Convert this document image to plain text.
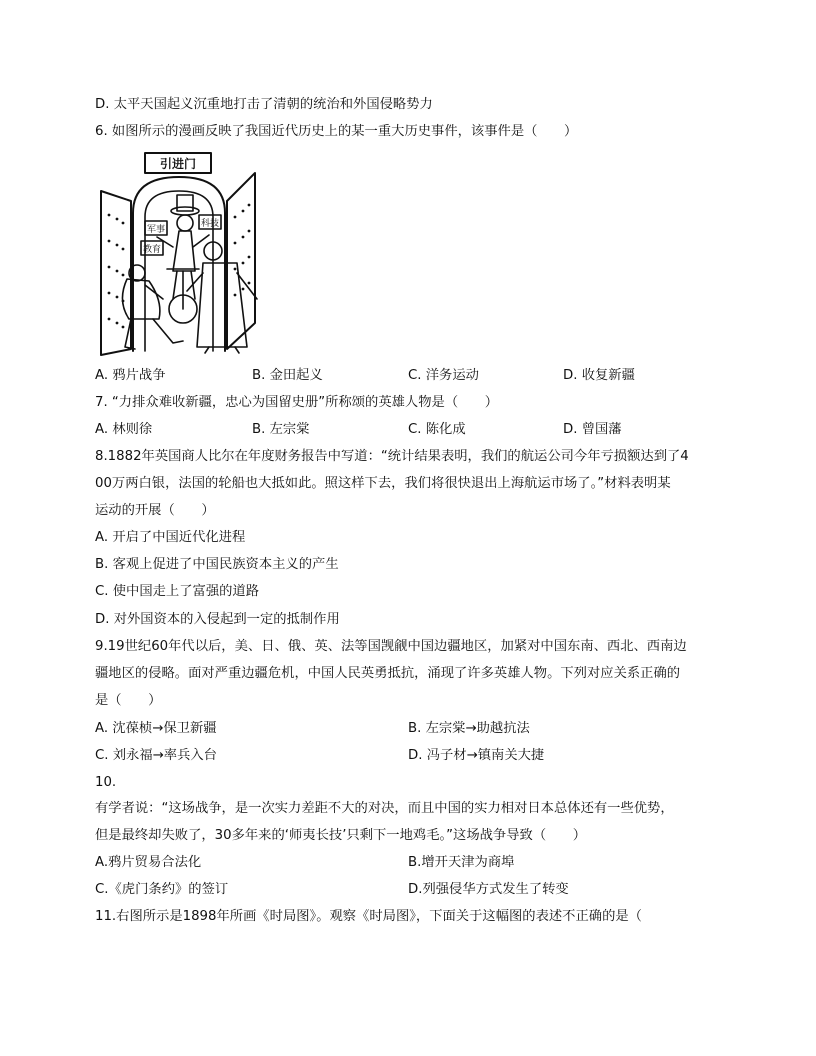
D. 太平天国起义沉重地打击了清朝的统治和外国侵略势力
6. 如图所示的漫画反映了我国近代历史上的某一重大历史事件，该事件是（　　）
引进门
军事
科技
教育
A. 鸦片战争	B. 金田起义	C. 洋务运动	D. 收复新疆
7. “力排众难收新疆，忠心为国留史册”所称颂的英雄人物是（　　）
A. 林则徐	B. 左宗棠	C. 陈化成	D. 曾国藩
8.1882年英国商人比尔在年度财务报告中写道：“统计结果表明，我们的航运公司今年亏损额达到了4
00万两白银，法国的轮船也大抵如此。照这样下去，我们将很快退出上海航运市场了。”材料表明某
运动的开展（　　）
A. 开启了中国近代化进程
B. 客观上促进了中国民族资本主义的产生
C. 使中国走上了富强的道路
D. 对外国资本的入侵起到一定的抵制作用
9.19世纪60年代以后，美、日、俄、英、法等国觊觎中国边疆地区，加紧对中国东南、西北、西南边
疆地区的侵略。面对严重边疆危机，中国人民英勇抵抗，涌现了许多英雄人物。下列对应关系正确的
是（　　）
A. 沈葆桢→保卫新疆	B. 左宗棠→助越抗法
C. 刘永福→率兵入台	D. 冯子材→镇南关大捷
10.
有学者说：“这场战争，是一次实力差距不大的对决，而且中国的实力相对日本总体还有一些优势，
但是最终却失败了，30多年来的‘师夷长技’只剩下一地鸡毛。”这场战争导致（　　）
A.鸦片贸易合法化	B.增开天津为商埠
C.《虎门条约》的签订	D.列强侵华方式发生了转变
11.右图所示是1898年所画《时局图》。观察《时局图》，下面关于这幅图的表述不正确的是（
